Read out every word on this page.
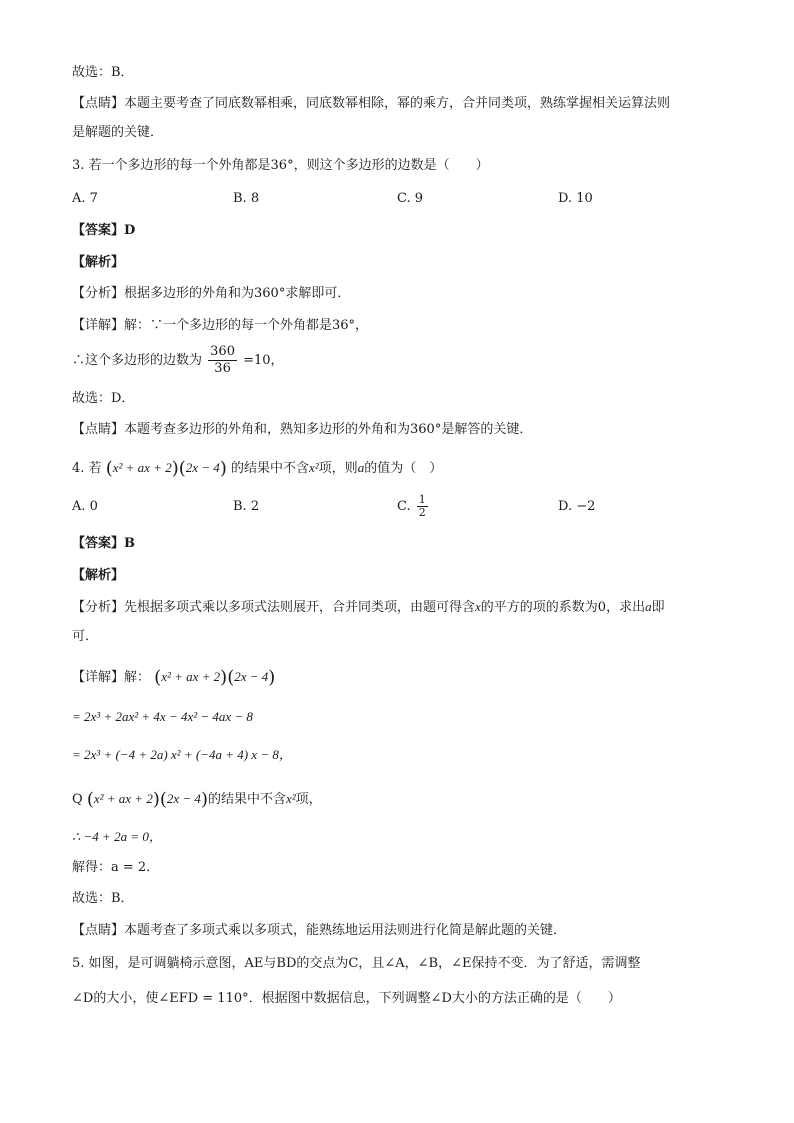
故选：B．
【点睛】本题主要考查了同底数幂相乘，同底数幂相除，幂的乘方，合并同类项，熟练掌握相关运算法则
是解题的关键．
3. 若一个多边形的每一个外角都是36°，则这个多边形的边数是（　　）
A. 7	B. 8	C. 9	D. 10
【答案】D
【解析】
【分析】根据多边形的外角和为360°求解即可．
【详解】解：∵一个多边形的每一个外角都是36°，
∴这个多边形的边数为 $\frac{360}{36} =10$，
故选：D．
【点睛】本题考查多边形的外角和，熟知多边形的外角和为360°是解答的关键．
4. 若 (x² + ax + 2)(2x − 4) 的结果中不含x²项，则a的值为（　）
A. 0	B. 2	C. $\frac{1}{2}$	D. −2
【答案】B
【解析】
【分析】先根据多项式乘以多项式法则展开，合并同类项，由题可得含x的平方的项的系数为0，求出a即
可．
【详解】解： (x² + ax + 2)(2x − 4)
= 2x³ + 2ax² + 4x − 4x² − 4ax − 8
= 2x³ + (−4 + 2a) x² + (−4a + 4) x − 8，
Q (x² + ax + 2)(2x − 4)的结果中不含x²项，
∴ −4 + 2a = 0，
解得：a = 2．
故选：B．
【点睛】本题考查了多项式乘以多项式，能熟练地运用法则进行化简是解此题的关键．
5. 如图，是可调躺椅示意图，AE与BD的交点为C，且∠A，∠B，∠E保持不变．为了舒适，需调整
∠D的大小，使∠EFD = 110°．根据图中数据信息，下列调整∠D大小的方法正确的是（　　）
